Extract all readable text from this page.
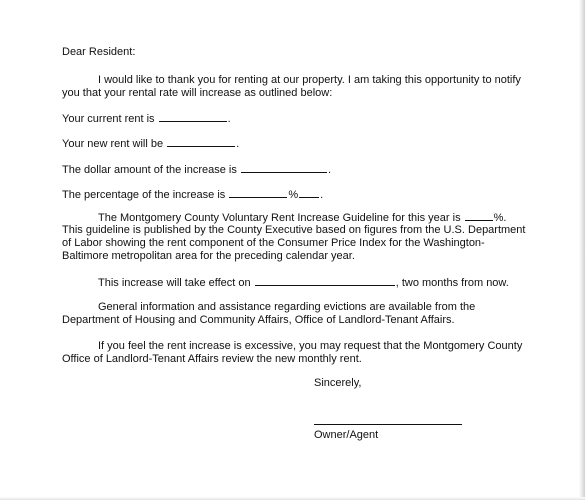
Dear Resident:
I would like to thank you for renting at our property. I am taking this opportunity to notify
you that your rental rate will increase as outlined below:
Your current rent is	.
Your new rent will be	.
The dollar amount of the increase is	.
The percentage of the increase is	% .
The Montgomery County Voluntary Rent Increase Guideline for this year is	%.
This guideline is published by the County Executive based on figures from the U.S. Department
of Labor showing the rent component of the Consumer Price Index for the Washington-
Baltimore metropolitan area for the preceding calendar year.
This increase will take effect on	, two months from now.
General information and assistance regarding evictions are available from the
Department of Housing and Community Affairs, Office of Landlord-Tenant Affairs.
If you feel the rent increase is excessive, you may request that the Montgomery County
Office of Landlord-Tenant Affairs review the new monthly rent.
Sincerely,
Owner/Agent
